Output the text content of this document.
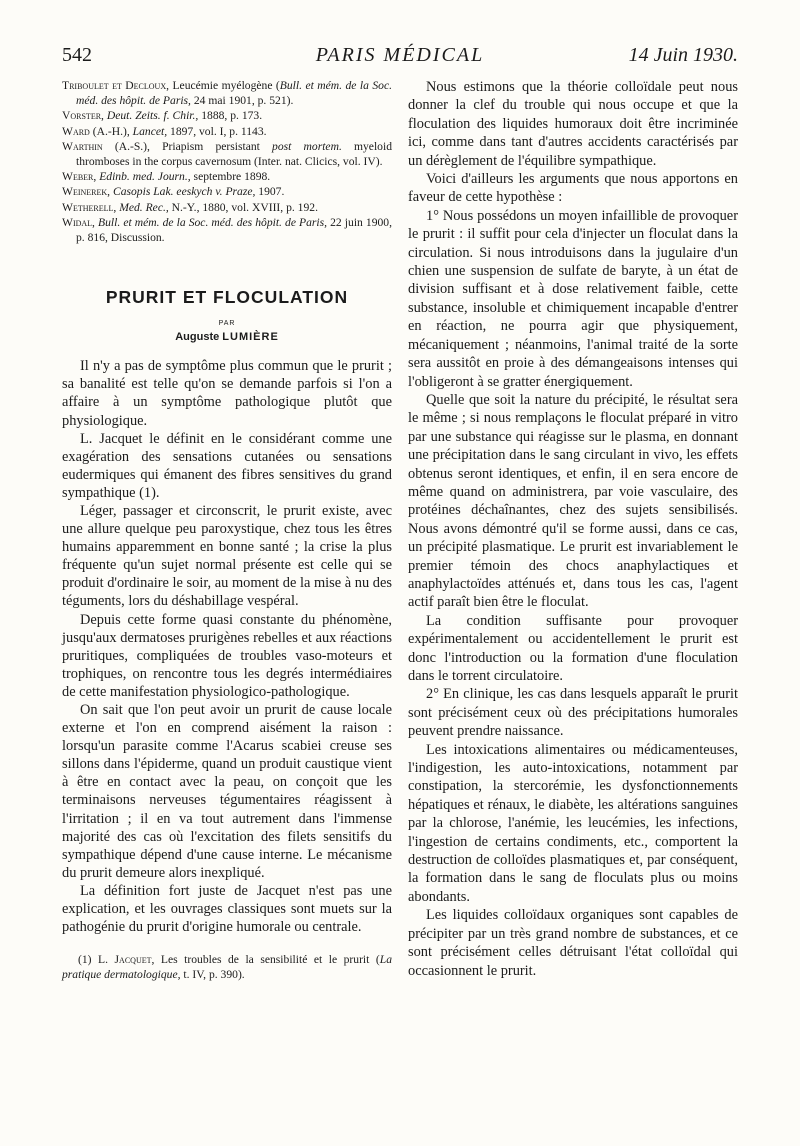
542	PARIS MÉDICAL	14 Juin 1930.

Triboulet et Decloux, Leucémie myélogène (Bull. et mém. de la Soc. méd. des hôpit. de Paris, 24 mai 1901, p. 521).

Vorster, Deut. Zeits. f. Chir., 1888, p. 173.

Ward (A.-H.), Lancet, 1897, vol. I, p. 1143.

Warthin (A.-S.), Priapism persistant post mortem. myeloid thromboses in the corpus cavernosum (Inter. nat. Clicics, vol. IV).

Weber, Edinb. med. Journ., septembre 1898.

Weinerek, Casopis Lak. eeskych v. Praze, 1907.

Wetherell, Med. Rec., N.-Y., 1880, vol. XVIII, p. 192.

Widal, Bull. et mém. de la Soc. méd. des hôpit. de Paris, 22 juin 1900, p. 816, Discussion.

PRURIT ET FLOCULATION
PAR
Auguste LUMIÈRE

Il n'y a pas de symptôme plus commun que le prurit ; sa banalité est telle qu'on se demande parfois si l'on a affaire à un symptôme pathologique plutôt que physiologique.

L. Jacquet le définit en le considérant comme une exagération des sensations cutanées ou sensations eudermiques qui émanent des fibres sensitives du grand sympathique (1).

Léger, passager et circonscrit, le prurit existe, avec une allure quelque peu paroxystique, chez tous les êtres humains apparemment en bonne santé ; la crise la plus fréquente qu'un sujet normal présente est celle qui se produit d'ordinaire le soir, au moment de la mise à nu des téguments, lors du déshabillage vespéral.

Depuis cette forme quasi constante du phénomène, jusqu'aux dermatoses prurigènes rebelles et aux réactions pruritiques, compliquées de troubles vaso-moteurs et trophiques, on rencontre tous les degrés intermédiaires de cette manifestation physiologico-pathologique.

On sait que l'on peut avoir un prurit de cause locale externe et l'on en comprend aisément la raison : lorsqu'un parasite comme l'Acarus scabiei creuse ses sillons dans l'épiderme, quand un produit caustique vient à être en contact avec la peau, on conçoit que les terminaisons nerveuses tégumentaires réagissent à l'irritation ; il en va tout autrement dans l'immense majorité des cas où l'excitation des filets sensitifs du sympathique dépend d'une cause interne. Le mécanisme du prurit demeure alors inexpliqué.

La définition fort juste de Jacquet n'est pas une explication, et les ouvrages classiques sont muets sur la pathogénie du prurit d'origine humorale ou centrale.

(1) L. Jacquet, Les troubles de la sensibilité et le prurit (La pratique dermatologique, t. IV, p. 390).

Nous estimons que la théorie colloïdale peut nous donner la clef du trouble qui nous occupe et que la floculation des liquides humoraux doit être incriminée ici, comme dans tant d'autres accidents caractérisés par un dérèglement de l'équilibre sympathique.

Voici d'ailleurs les arguments que nous apportons en faveur de cette hypothèse :

1° Nous possédons un moyen infaillible de provoquer le prurit : il suffit pour cela d'injecter un floculat dans la circulation. Si nous introduisons dans la jugulaire d'un chien une suspension de sulfate de baryte, à un état de division suffisant et à dose relativement faible, cette substance, insoluble et chimiquement incapable d'entrer en réaction, ne pourra agir que physiquement, mécaniquement ; néanmoins, l'animal traité de la sorte sera aussitôt en proie à des démangeaisons intenses qui l'obligeront à se gratter énergiquement.

Quelle que soit la nature du précipité, le résultat sera le même ; si nous remplaçons le floculat préparé in vitro par une substance qui réagisse sur le plasma, en donnant une précipitation dans le sang circulant in vivo, les effets obtenus seront identiques, et enfin, il en sera encore de même quand on administrera, par voie vasculaire, des protéines déchaînantes, chez des sujets sensibilisés. Nous avons démontré qu'il se forme aussi, dans ce cas, un précipité plasmatique. Le prurit est invariablement le premier témoin des chocs anaphylactiques et anaphylactoïdes atténués et, dans tous les cas, l'agent actif paraît bien être le floculat.

La condition suffisante pour provoquer expérimentalement ou accidentellement le prurit est donc l'introduction ou la formation d'une floculation dans le torrent circulatoire.

2° En clinique, les cas dans lesquels apparaît le prurit sont précisément ceux où des précipitations humorales peuvent prendre naissance.

Les intoxications alimentaires ou médicamenteuses, l'indigestion, les auto-intoxications, notamment par constipation, la stercorémie, les dysfonctionnements hépatiques et rénaux, le diabète, les altérations sanguines par la chlorose, l'anémie, les leucémies, les infections, l'ingestion de certains condiments, etc., comportent la destruction de colloïdes plasmatiques et, par conséquent, la formation dans le sang de floculats plus ou moins abondants.

Les liquides colloïdaux organiques sont capables de précipiter par un très grand nombre de substances, et ce sont précisément celles détruisant l'état colloïdal qui occasionnent le prurit.
